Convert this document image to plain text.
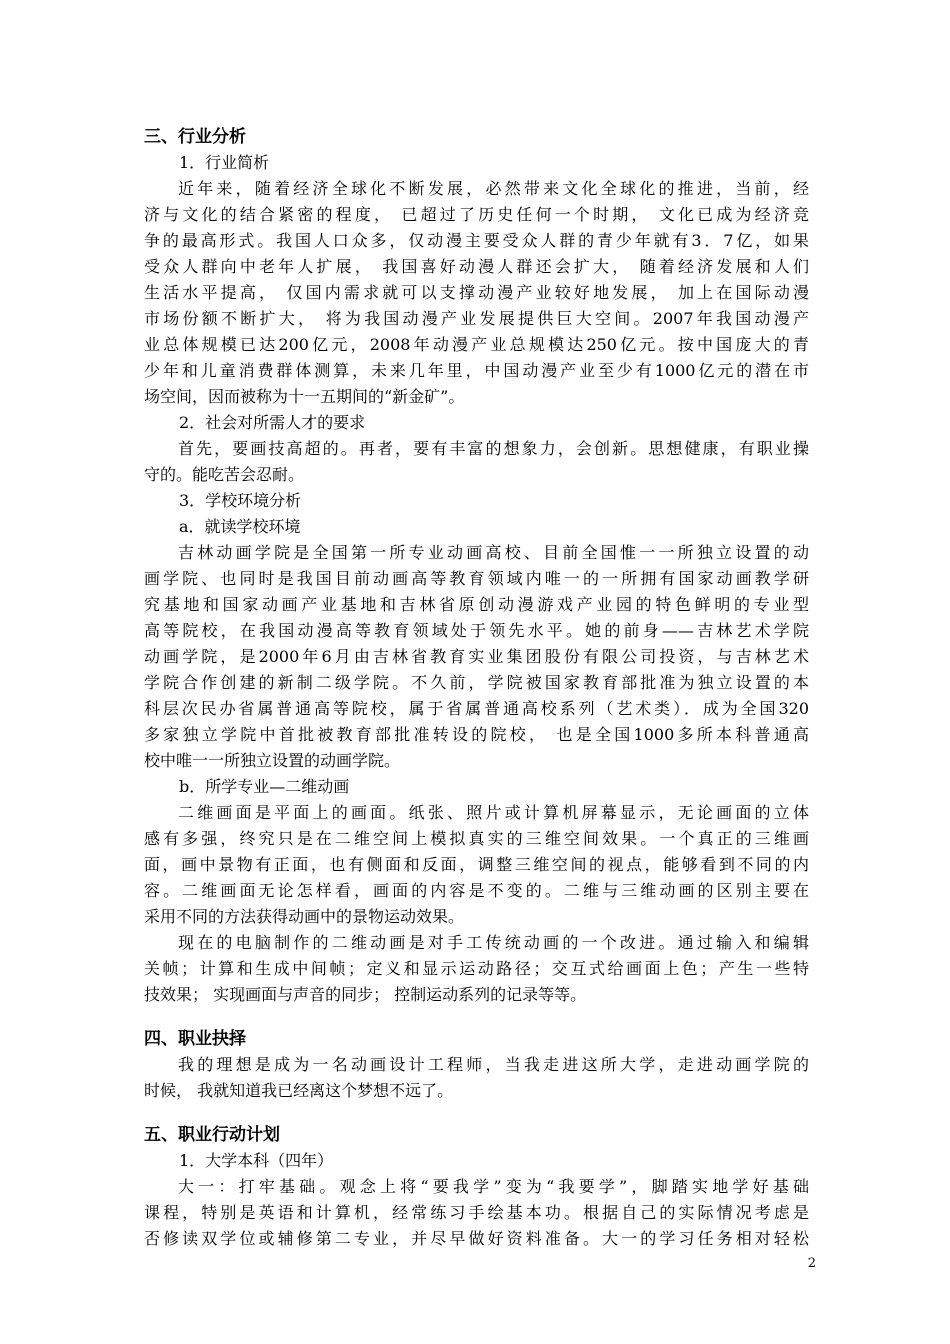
三、行业分析
1．行业简析
近年来，随着经济全球化不断发展，必然带来文化全球化的推进，当前，经
济与文化的结合紧密的程度， 已超过了历史任何一个时期， 文化已成为经济竞
争的最高形式。我国人口众多，仅动漫主要受众人群的青少年就有3．7亿，如果
受众人群向中老年人扩展， 我国喜好动漫人群还会扩大， 随着经济发展和人们
生活水平提高， 仅国内需求就可以支撑动漫产业较好地发展， 加上在国际动漫
市场份额不断扩大， 将为我国动漫产业发展提供巨大空间。2007年我国动漫产
业总体规模已达200亿元，2008年动漫产业总规模达250亿元。按中国庞大的青
少年和儿童消费群体测算，未来几年里，中国动漫产业至少有1000亿元的潜在市
场空间，因而被称为十一五期间的“新金矿”。
2．社会对所需人才的要求
首先，要画技高超的。再者，要有丰富的想象力，会创新。思想健康，有职业操
守的。能吃苦会忍耐。
3．学校环境分析
a．就读学校环境
吉林动画学院是全国第一所专业动画高校、目前全国惟一一所独立设置的动
画学院、也同时是我国目前动画高等教育领域内唯一的一所拥有国家动画教学研
究基地和国家动画产业基地和吉林省原创动漫游戏产业园的特色鲜明的专业型
高等院校，在我国动漫高等教育领域处于领先水平。她的前身——吉林艺术学院
动画学院，是2000年6月由吉林省教育实业集团股份有限公司投资，与吉林艺术
学院合作创建的新制二级学院。不久前，学院被国家教育部批准为独立设置的本
科层次民办省属普通高等院校，属于省属普通高校系列（艺术类）．成为全国320
多家独立学院中首批被教育部批准转设的院校， 也是全国1000多所本科普通高
校中唯一一所独立设置的动画学院。
b．所学专业—二维动画
二维画面是平面上的画面。纸张、照片或计算机屏幕显示，无论画面的立体
感有多强，终究只是在二维空间上模拟真实的三维空间效果。一个真正的三维画
面，画中景物有正面，也有侧面和反面，调整三维空间的视点，能够看到不同的内
容。二维画面无论怎样看，画面的内容是不变的。二维与三维动画的区别主要在
采用不同的方法获得动画中的景物运动效果。
现在的电脑制作的二维动画是对手工传统动画的一个改进。通过输入和编辑
关帧；计算和生成中间帧；定义和显示运动路径；交互式给画面上色；产生一些特
技效果； 实现画面与声音的同步； 控制运动系列的记录等等。
四、职业抉择
我的理想是成为一名动画设计工程师，当我走进这所大学，走进动画学院的
时候， 我就知道我已经离这个梦想不远了。
五、职业行动计划
1．大学本科（四年）
大一：打牢基础。观念上将“要我学”变为“我要学”，脚踏实地学好基础
课程，特别是英语和计算机，经常练习手绘基本功。根据自己的实际情况考虑是
否修读双学位或辅修第二专业，并尽早做好资料准备。大一的学习任务相对轻松
2
